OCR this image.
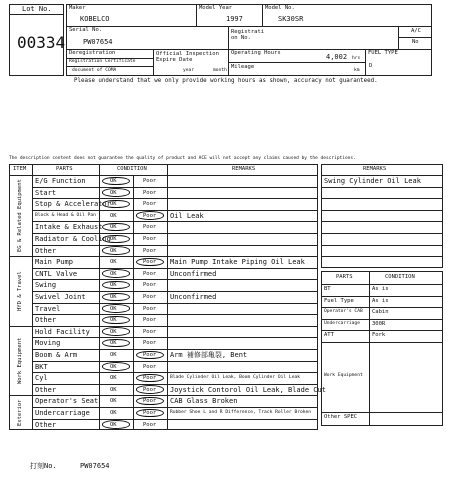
Lot No.
00334
Maker
KOBELCO
Model Year
1997
Model No.
SK30SR
Serial No.
PW07654
Registrati on No.
A/C
No
Deregistration
Registration Certificate
document of COMA
Official Inspection Expire Date
year	month
Operating Hours	4,002 hrs
Mileage
km
FUEL TYPE
D
Please understand that we only provide working hours as shown, accuracy not guaranteed.
The description content does not guarantee the quality of product and ACE will not accept any claims caused by the descriptions.
ITEM	PARTS	CONDITION	REMARKS
E/G Function	OK	Poor
Start	OK	Poor
Stop & Accelerator OK	Poor
Block & Head & Oil Pan	OK	Poor Oil Leak
Intake & Exhaust OK	Poor
Radiator & Cooling OK	Poor
Other	OK	Poor
EG & Related Equipment
Main Pump	OK	Poor Main Pump Intake Piping Oil Leak
CNTL Valve	OK	Poor Unconfirmed
Swing	OK	Poor
Swivel Joint	OK	Poor Unconfirmed
Travel	OK	Poor
Other	OK	Poor
HYD & Travel
Hold Facility	OK	Poor
Moving	OK	Poor
Boom & Arm	OK	Poor Arm 補修部亀裂, Bent
BKT	OK	Poor
Cyl	OK	Poor	Blade Cylinder Oil Leak, Boom Cylinder Oil Leak
Other	OK	Poor Joystick Contorol Oil Leak, Blade Cut
Work Equipment
Operator's Seat OK	Poor CAB Glass Broken
Undercarriage	OK	Poor	Rubber Shoe L and R Difference, Track Roller Broken
Other	OK	Poor
Exterior
REMARKS
Swing Cylinder Oil Leak
PARTS	CONDITION
BT	As is
Fuel Type	As is
Operator's CAB Cabin
Undercarriage 300R
ATT	Fork
Work Equipment
Other SPEC
打刻No.	PW07654
